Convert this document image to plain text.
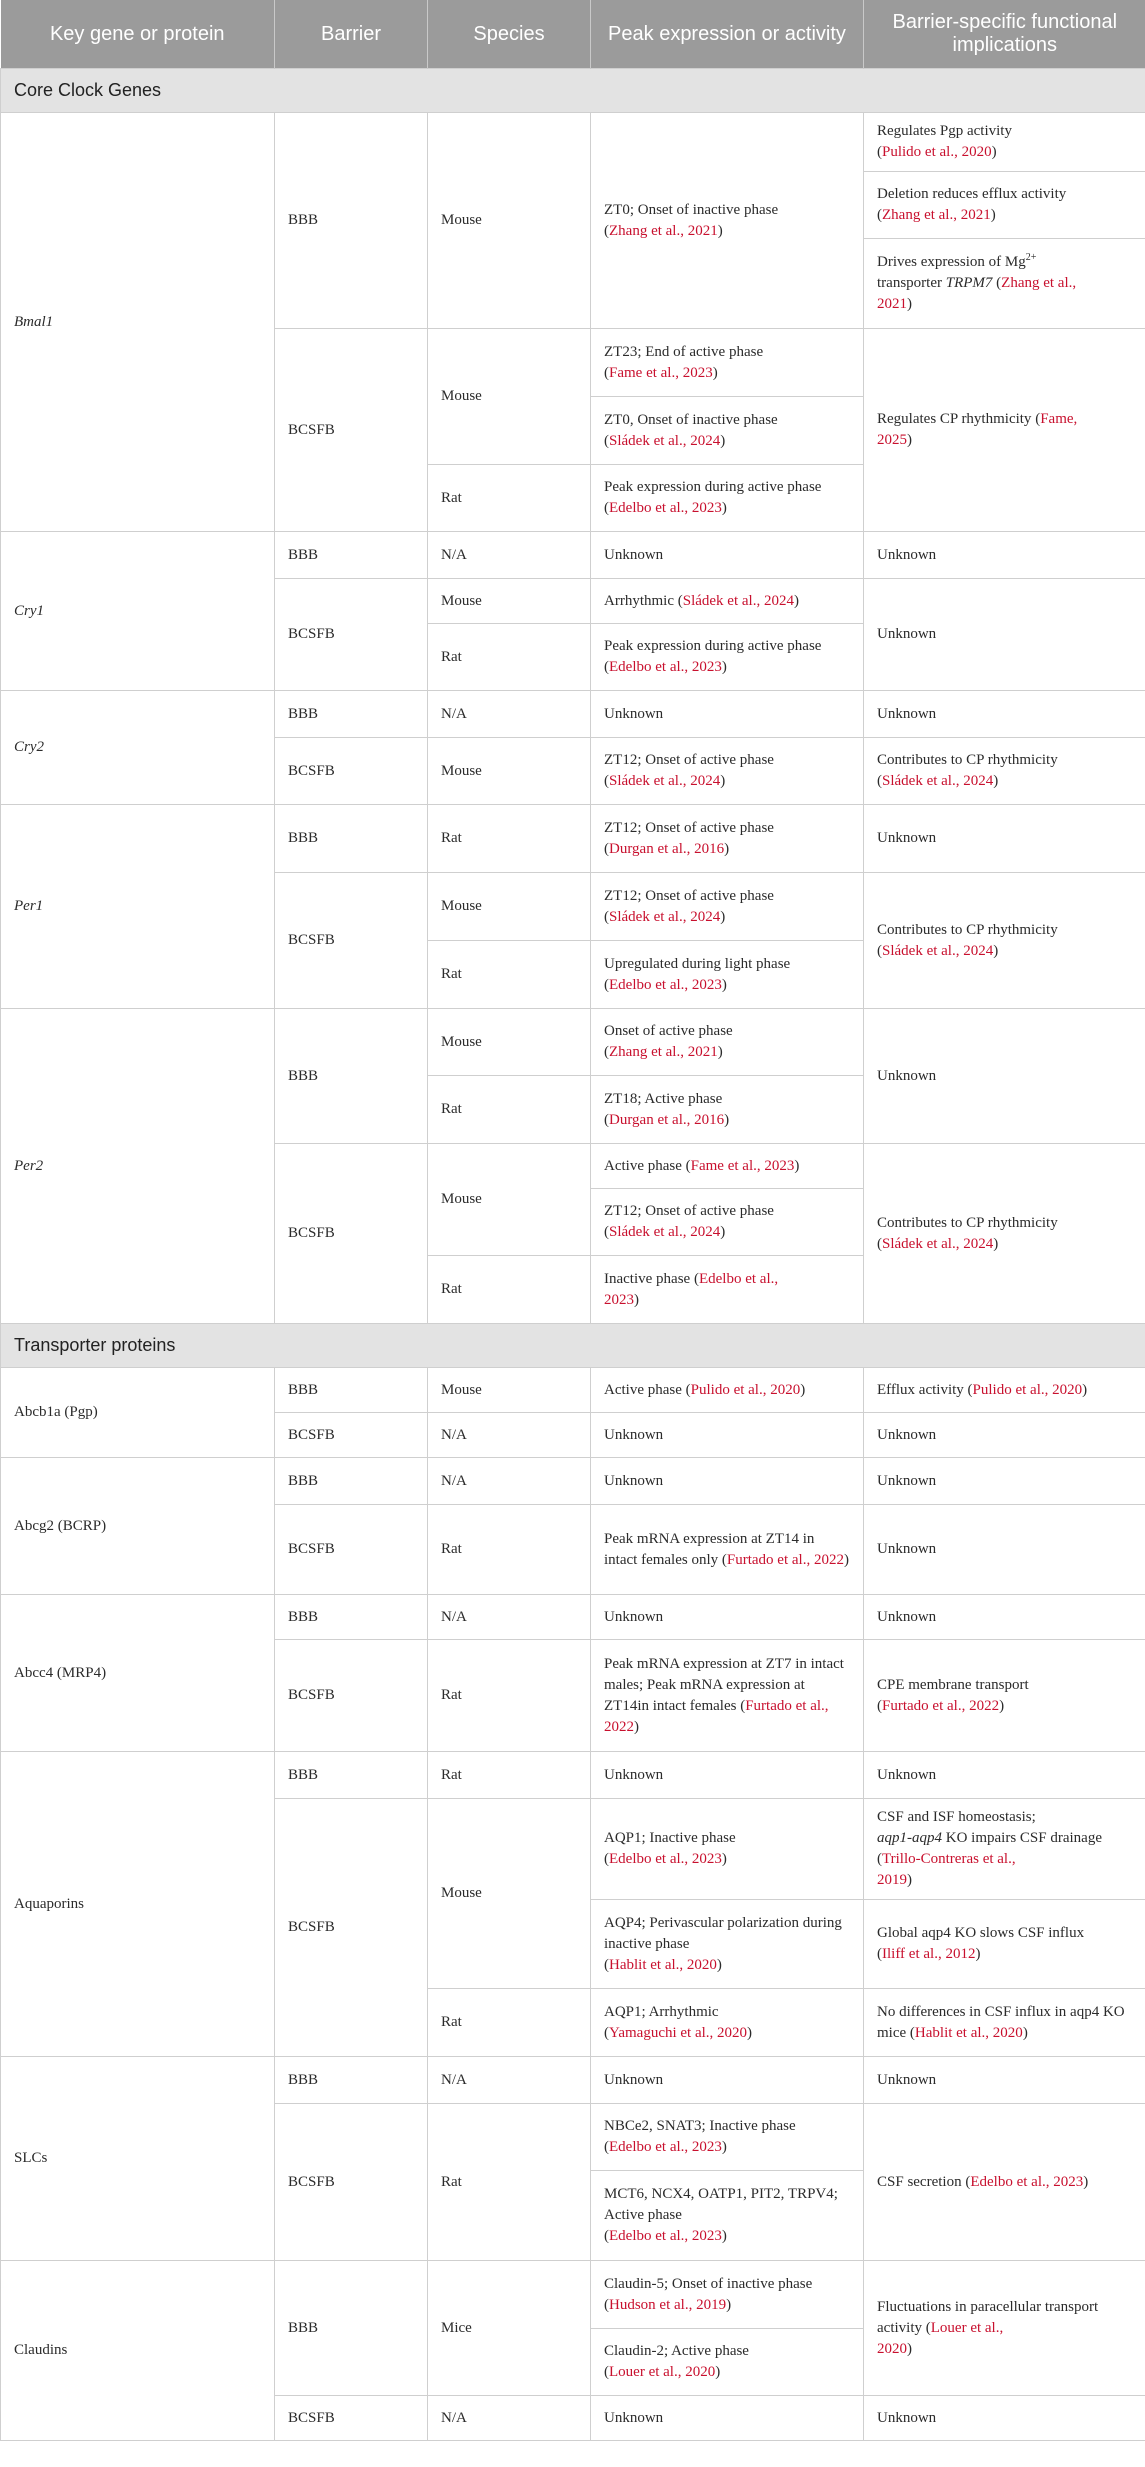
Key gene or protein	Barrier	Species	Peak expression or activity	Barrier-specific functional implications
Core Clock Genes				
Bmal1	BBB	Mouse	ZT0; Onset of inactive phase
(Zhang et al., 2021)	Regulates Pgp activity
(Pulido et al., 2020)
				Deletion reduces efflux activity
(Zhang et al., 2021)
				Drives expression of $Mg^{2+}$
transporter TRPM7 (Zhang et al.,
2021)
	BCSFB	Mouse	ZT23; End of active phase
(Fame et al., 2023)	Regulates CP rhythmicity (Fame,
2025)
			ZT0, Onset of inactive phase
(Sládek et al., 2024)	
		Rat	Peak expression during active phase
(Edelbo et al., 2023)	
Cry1	BBB	N/A	Unknown	Unknown
	BCSFB	Mouse	Arrhythmic (Sládek et al., 2024)	Unknown
		Rat	Peak expression during active phase
(Edelbo et al., 2023)	
Cry2	BBB	N/A	Unknown	Unknown
	BCSFB	Mouse	ZT12; Onset of active phase
(Sládek et al., 2024)	Contributes to CP rhythmicity
(Sládek et al., 2024)
Per1	BBB	Rat	ZT12; Onset of active phase
(Durgan et al., 2016)	Unknown
	BCSFB	Mouse	ZT12; Onset of active phase
(Sládek et al., 2024)	Contributes to CP rhythmicity
(Sládek et al., 2024)
		Rat	Upregulated during light phase
(Edelbo et al., 2023)	
Per2	BBB	Mouse	Onset of active phase
(Zhang et al., 2021)	Unknown
		Rat	ZT18; Active phase
(Durgan et al., 2016)	
	BCSFB	Mouse	Active phase (Fame et al., 2023)	Contributes to CP rhythmicity
(Sládek et al., 2024)
			ZT12; Onset of active phase
(Sládek et al., 2024)	
		Rat	Inactive phase (Edelbo et al.,
2023)	
Transporter proteins				
Abcb1a (Pgp)	BBB	Mouse	Active phase (Pulido et al., 2020)	Efflux activity (Pulido et al., 2020)
	BCSFB	N/A	Unknown	Unknown
Abcg2 (BCRP)	BBB	N/A	Unknown	Unknown
	BCSFB	Rat	Peak mRNA expression at ZT14 in intact females only (Furtado et al., 2022)	Unknown
Abcc4 (MRP4)	BBB	N/A	Unknown	Unknown
	BCSFB	Rat	Peak mRNA expression at ZT7 in intact males; Peak mRNA expression at ZT14in intact females (Furtado et al., 2022)	CPE membrane transport
(Furtado et al., 2022)
Aquaporins	BBB	Rat	Unknown	Unknown
	BCSFB	Mouse	AQP1; Inactive phase
(Edelbo et al., 2023)	CSF and ISF homeostasis;
aqp1-aqp4 KO impairs CSF drainage (Trillo-Contreras et al.,
2019)
			AQP4; Perivascular polarization during inactive phase
(Hablit et al., 2020)	Global aqp4 KO slows CSF influx
(Iliff et al., 2012)
		Rat	AQP1; Arrhythmic
(Yamaguchi et al., 2020)	No differences in CSF influx in aqp4 KO mice (Hablit et al., 2020)
SLCs	BBB	N/A	Unknown	Unknown
	BCSFB	Rat	NBCe2, SNAT3; Inactive phase
(Edelbo et al., 2023)	CSF secretion (Edelbo et al., 2023)
			MCT6, NCX4, OATP1, PIT2, TRPV4; Active phase
(Edelbo et al., 2023)	
Claudins	BBB	Mice	Claudin-5; Onset of inactive phase (Hudson et al., 2019)	Fluctuations in paracellular transport activity (Louer et al.,
2020)
			Claudin-2; Active phase
(Louer et al., 2020)	
	BCSFB	N/A	Unknown	Unknown
